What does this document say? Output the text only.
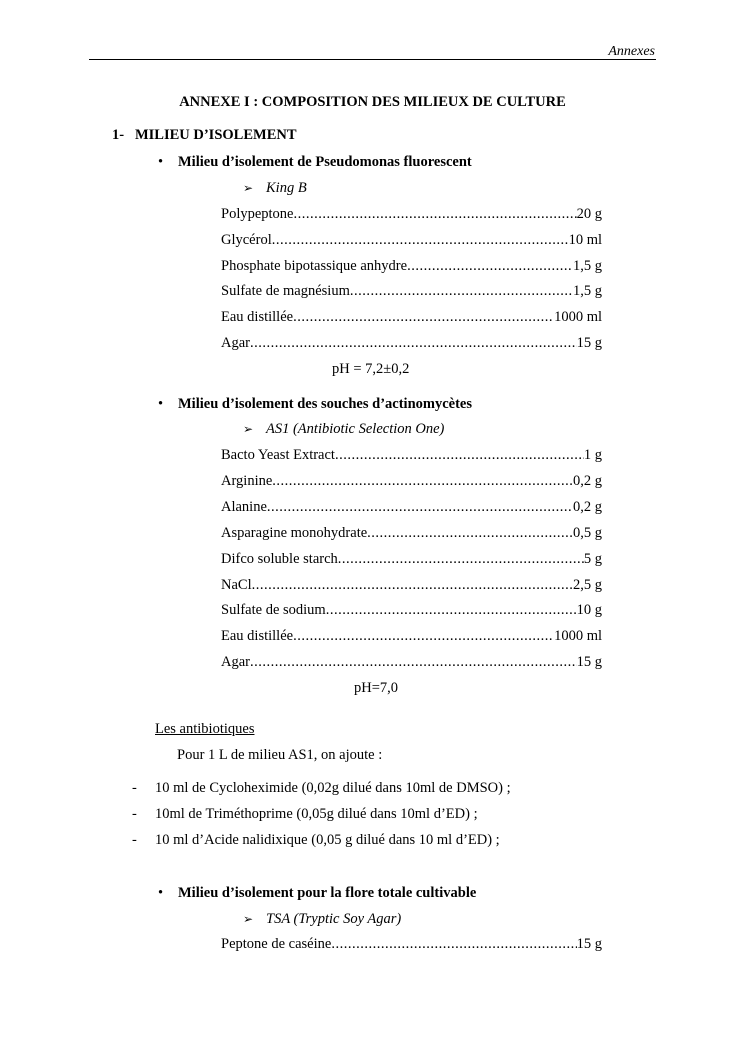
Annexes
ANNEXE I : COMPOSITION DES MILIEUX DE CULTURE
1- MILIEU D’ISOLEMENT
• Milieu d’isolement de Pseudomonas fluorescent
➢ King B
Polypeptone .....	20 g
Glycérol .....	10 ml
Phosphate bipotassique anhydre .....	1,5 g
Sulfate de magnésium .....	1,5 g
Eau distillée .....	1000 ml
Agar .....	15 g
pH = 7,2±0,2
• Milieu d’isolement des souches d’actinomycètes
➢ AS1 (Antibiotic Selection One)
Bacto Yeast Extract .....	1 g
Arginine .....	0,2 g
Alanine .....	0,2 g
Asparagine monohydrate .....	0,5 g
Difco soluble starch .....	5 g
NaCl .....	2,5 g
Sulfate de sodium .....	10 g
Eau distillée .....	1000 ml
Agar .....	15 g
pH=7,0
Les antibiotiques
Pour 1 L de milieu AS1, on ajoute :
- 10 ml de Cycloheximide (0,02g dilué dans 10ml de DMSO) ;
- 10ml de Triméthoprime (0,05g dilué dans 10ml d’ED) ;
- 10 ml d’Acide nalidixique (0,05 g dilué dans 10 ml d’ED) ;
• Milieu d’isolement pour la flore totale cultivable
➢ TSA (Tryptic Soy Agar)
Peptone de caséine .....	15 g
